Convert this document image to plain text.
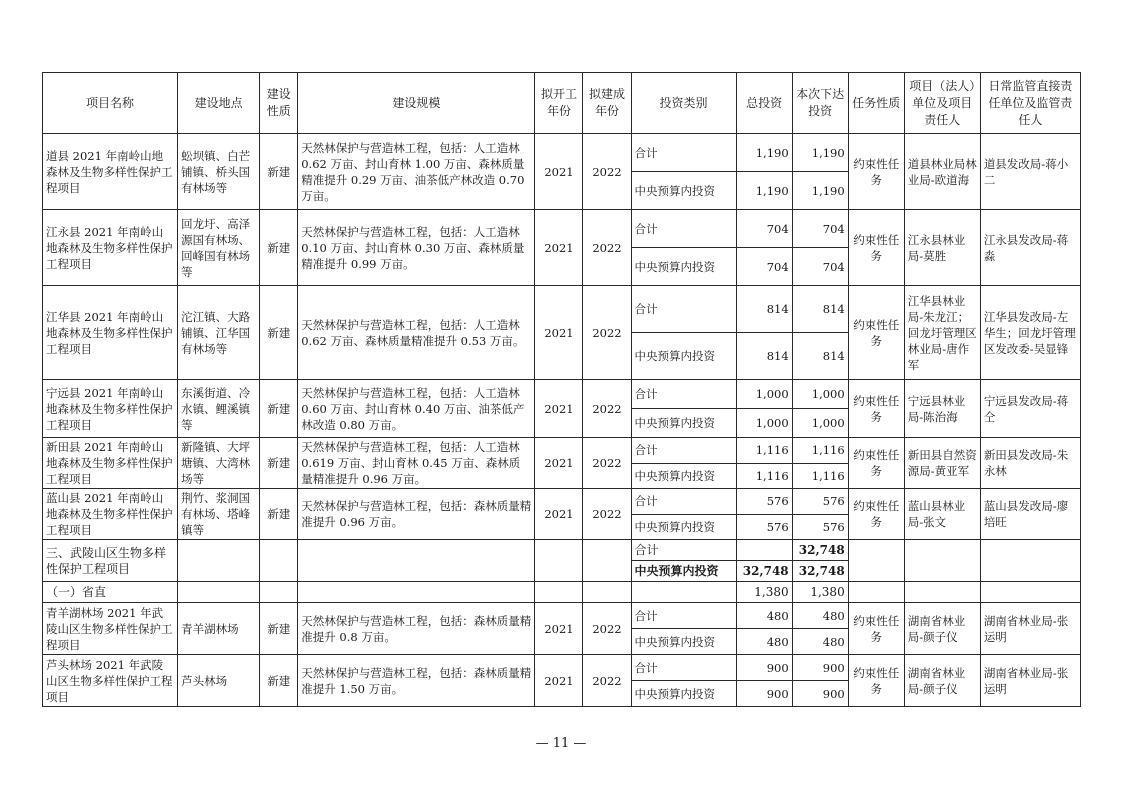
项目名称	建设地点	建设性质	建设规模	拟开工年份	拟建成年份	投资类别	总投资	本次下达投资	任务性质	项目（法人）单位及项目责任人	日常监管直接责任单位及监管责任人
道县 2021 年南岭山地森林及生物多样性保护工程项目	蚣坝镇、白芒铺镇、桥头国有林场等	新建	天然林保护与营造林工程，包括：人工造林 0.62 万亩、封山育林 1.00 万亩、森林质量精准提升 0.29 万亩、油茶低产林改造 0.70 万亩。	2021	2022	合计	1,190	1,190	约束性任务	道县林业局林业局-欧道海	道县发改局-蒋小二
						中央预算内投资	1,190	1,190			
江永县 2021 年南岭山地森林及生物多样性保护工程项目	回龙圩、高泽源国有林场、回峰国有林场等	新建	天然林保护与营造林工程，包括：人工造林 0.10 万亩、封山育林 0.30 万亩、森林质量精准提升 0.99 万亩。	2021	2022	合计	704	704	约束性任务	江永县林业局-莫胜	江永县发改局-蒋淼
						中央预算内投资	704	704			
江华县 2021 年南岭山地森林及生物多样性保护工程项目	沱江镇、大路铺镇、江华国有林场等	新建	天然林保护与营造林工程，包括：人工造林 0.62 万亩、森林质量精准提升 0.53 万亩。	2021	2022	合计	814	814	约束性任务	江华县林业局-朱龙江；回龙圩管理区林业局-唐作军	江华县发改局-左华生；回龙圩管理区发改委-吴显锋
						中央预算内投资	814	814			
宁远县 2021 年南岭山地森林及生物多样性保护工程项目	东溪街道、冷水镇、鲤溪镇等	新建	天然林保护与营造林工程，包括：人工造林 0.60 万亩、封山育林 0.40 万亩、油茶低产林改造 0.80 万亩。	2021	2022	合计	1,000	1,000	约束性任务	宁远县林业局-陈治海	宁远县发改局-蒋仝
						中央预算内投资	1,000	1,000			
新田县 2021 年南岭山地森林及生物多样性保护工程项目	新隆镇、大坪塘镇、大湾林场等	新建	天然林保护与营造林工程，包括：人工造林 0.619 万亩、封山育林 0.45 万亩、森林质量精准提升 0.96 万亩。	2021	2022	合计	1,116	1,116	约束性任务	新田县自然资源局-黄亚军	新田县发改局-朱永林
						中央预算内投资	1,116	1,116			
蓝山县 2021 年南岭山地森林及生物多样性保护工程项目	荆竹、浆洞国有林场、塔峰镇等	新建	天然林保护与营造林工程，包括：森林质量精准提升 0.96 万亩。	2021	2022	合计	576	576	约束性任务	蓝山县林业局-张文	蓝山县发改局-廖培旺
						中央预算内投资	576	576			
三、武陵山区生物多样性保护工程项目						合计		32,748			
						中央预算内投资	32,748	32,748			
（一）省直							1,380	1,380			
青羊湖林场 2021 年武陵山区生物多样性保护工程项目	青羊湖林场	新建	天然林保护与营造林工程，包括：森林质量精准提升 0.8 万亩。	2021	2022	合计	480	480	约束性任务	湖南省林业局-颜子仪	湖南省林业局-张运明
						中央预算内投资	480	480			
芦头林场 2021 年武陵山区生物多样性保护工程项目	芦头林场	新建	天然林保护与营造林工程，包括：森林质量精准提升 1.50 万亩。	2021	2022	合计	900	900	约束性任务	湖南省林业局-颜子仪	湖南省林业局-张运明
						中央预算内投资	900	900			
— 11 —
